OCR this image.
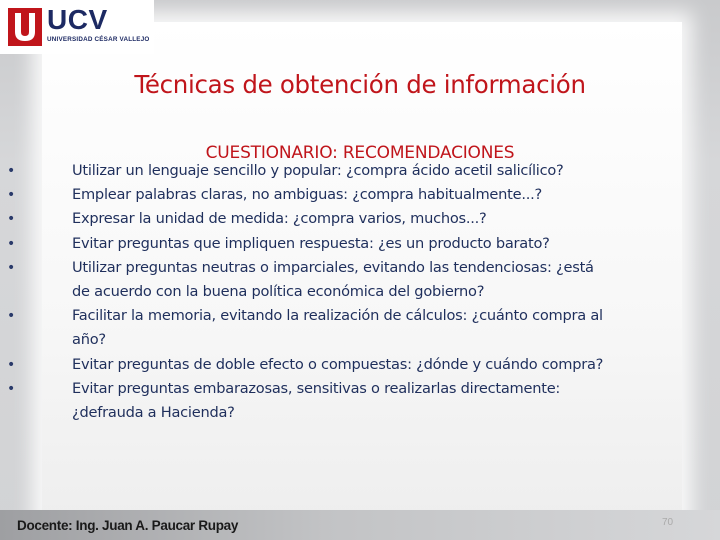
UCV
UNIVERSIDAD CÉSAR VALLEJO
Técnicas de obtención de información
CUESTIONARIO: RECOMENDACIONES
•	Utilizar un lenguaje sencillo y popular: ¿compra ácido acetil salicílico?
•	Emplear palabras claras, no ambiguas: ¿compra habitualmente...?
•	Expresar la unidad de medida: ¿compra varios, muchos...?
•	Evitar preguntas que impliquen respuesta: ¿es un producto barato?
•	Utilizar preguntas neutras o imparciales, evitando las tendenciosas: ¿está
de acuerdo con la buena política económica del gobierno?
•	Facilitar la memoria, evitando la realización de cálculos: ¿cuánto compra al
año?
•	Evitar preguntas de doble efecto o compuestas: ¿dónde y cuándo compra?
•	Evitar preguntas embarazosas, sensitivas o realizarlas directamente:
¿defrauda a Hacienda?
Docente: Ing. Juan A. Paucar Rupay	70
